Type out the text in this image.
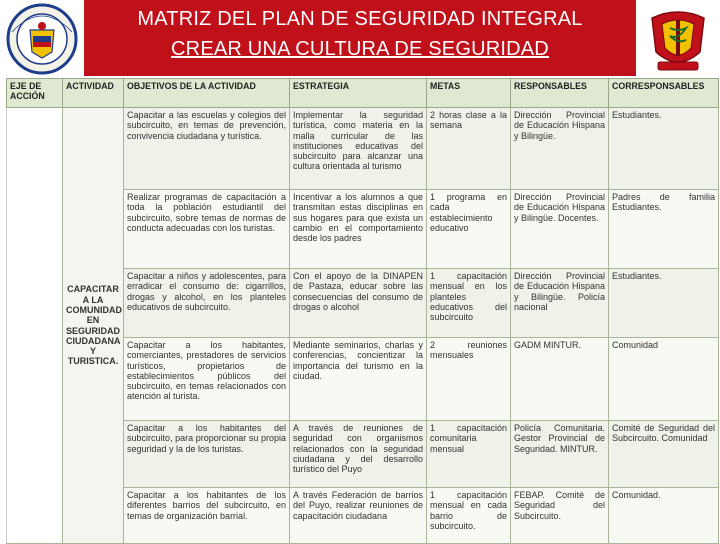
MATRIZ DEL PLAN DE SEGURIDAD INTEGRAL
CREAR UNA CULTURA DE SEGURIDAD
EJE DE ACCIÓN	ACTIVIDAD	OBJETIVOS DE LA ACTIVIDAD	ESTRATEGIA	METAS	RESPONSABLES	CORRESPONSABLES
	CAPACITAR A LA COMUNIDAD EN SEGURIDAD CIUDADANA Y TURISTICA.	Capacitar a las escuelas y colegios del subcircuito, en temas de prevención, convivencia ciudadana y turística.	Implementar la seguridad turística, como materia en la malla curricular de las instituciones educativas del subcircuito para alcanzar una cultura orientada al turismo	2 horas clase a la semana	Dirección Provincial de Educación Hispana y Bilingüe.	Estudiantes.
		Realizar programas de capacitación a toda la población estudiantil del subcircuito, sobre temas de normas de conducta adecuadas con los turistas.	Incentivar a los alumnos a que transmitan estas disciplinas en sus hogares para que exista un cambio en el comportamiento desde los padres	1 programa en cada establecimiento educativo	Dirección Provincial de Educación Hispana y Bilingüe. Docentes.	Padres de familia Estudiantes.
		Capacitar a niños y adolescentes, para erradicar el consumo de: cigarrillos, drogas y alcohol, en los planteles educativos de subcircuito.	Con el apoyo de la DINAPEN de Pastaza, educar sobre las consecuencias del consumo de drogas o alcohol	1 capacitación mensual en los planteles educativos del subcircuito	Dirección Provincial de Educación Hispana y Bilingüe. Policía nacional	Estudiantes.
		Capacitar a los habitantes, comerciantes, prestadores de servicios turísticos, propietarios de establecimientos públicos del subcircuito, en temas relacionados con atención al turista.	Mediante seminarios, charlas y conferencias, concientizar la importancia del turismo en la ciudad.	2 reuniones mensuales	GADM MINTUR.	Comunidad
		Capacitar a los habitantes del subcircuito, para proporcionar su propia seguridad y la de los turistas.	A través de reuniones de seguridad con organismos relacionados con la seguridad ciudadana y del desarrollo turístico del Puyo	1 capacitación comunitaria mensual	Policía Comunitaria. Gestor Provincial de Seguridad. MINTUR.	Comité de Seguridad del Subcircuito. Comunidad
		Capacitar a los habitantes de los diferentes barrios del subcircuito, en temas de organización barrial.	A través Federación de barrios del Puyo, realizar reuniones de capacitación ciudadana	1 capacitación mensual en cada barrio de subcircuito.	FEBAP. Comité de Seguridad del Subcircuito.	Comunidad.
